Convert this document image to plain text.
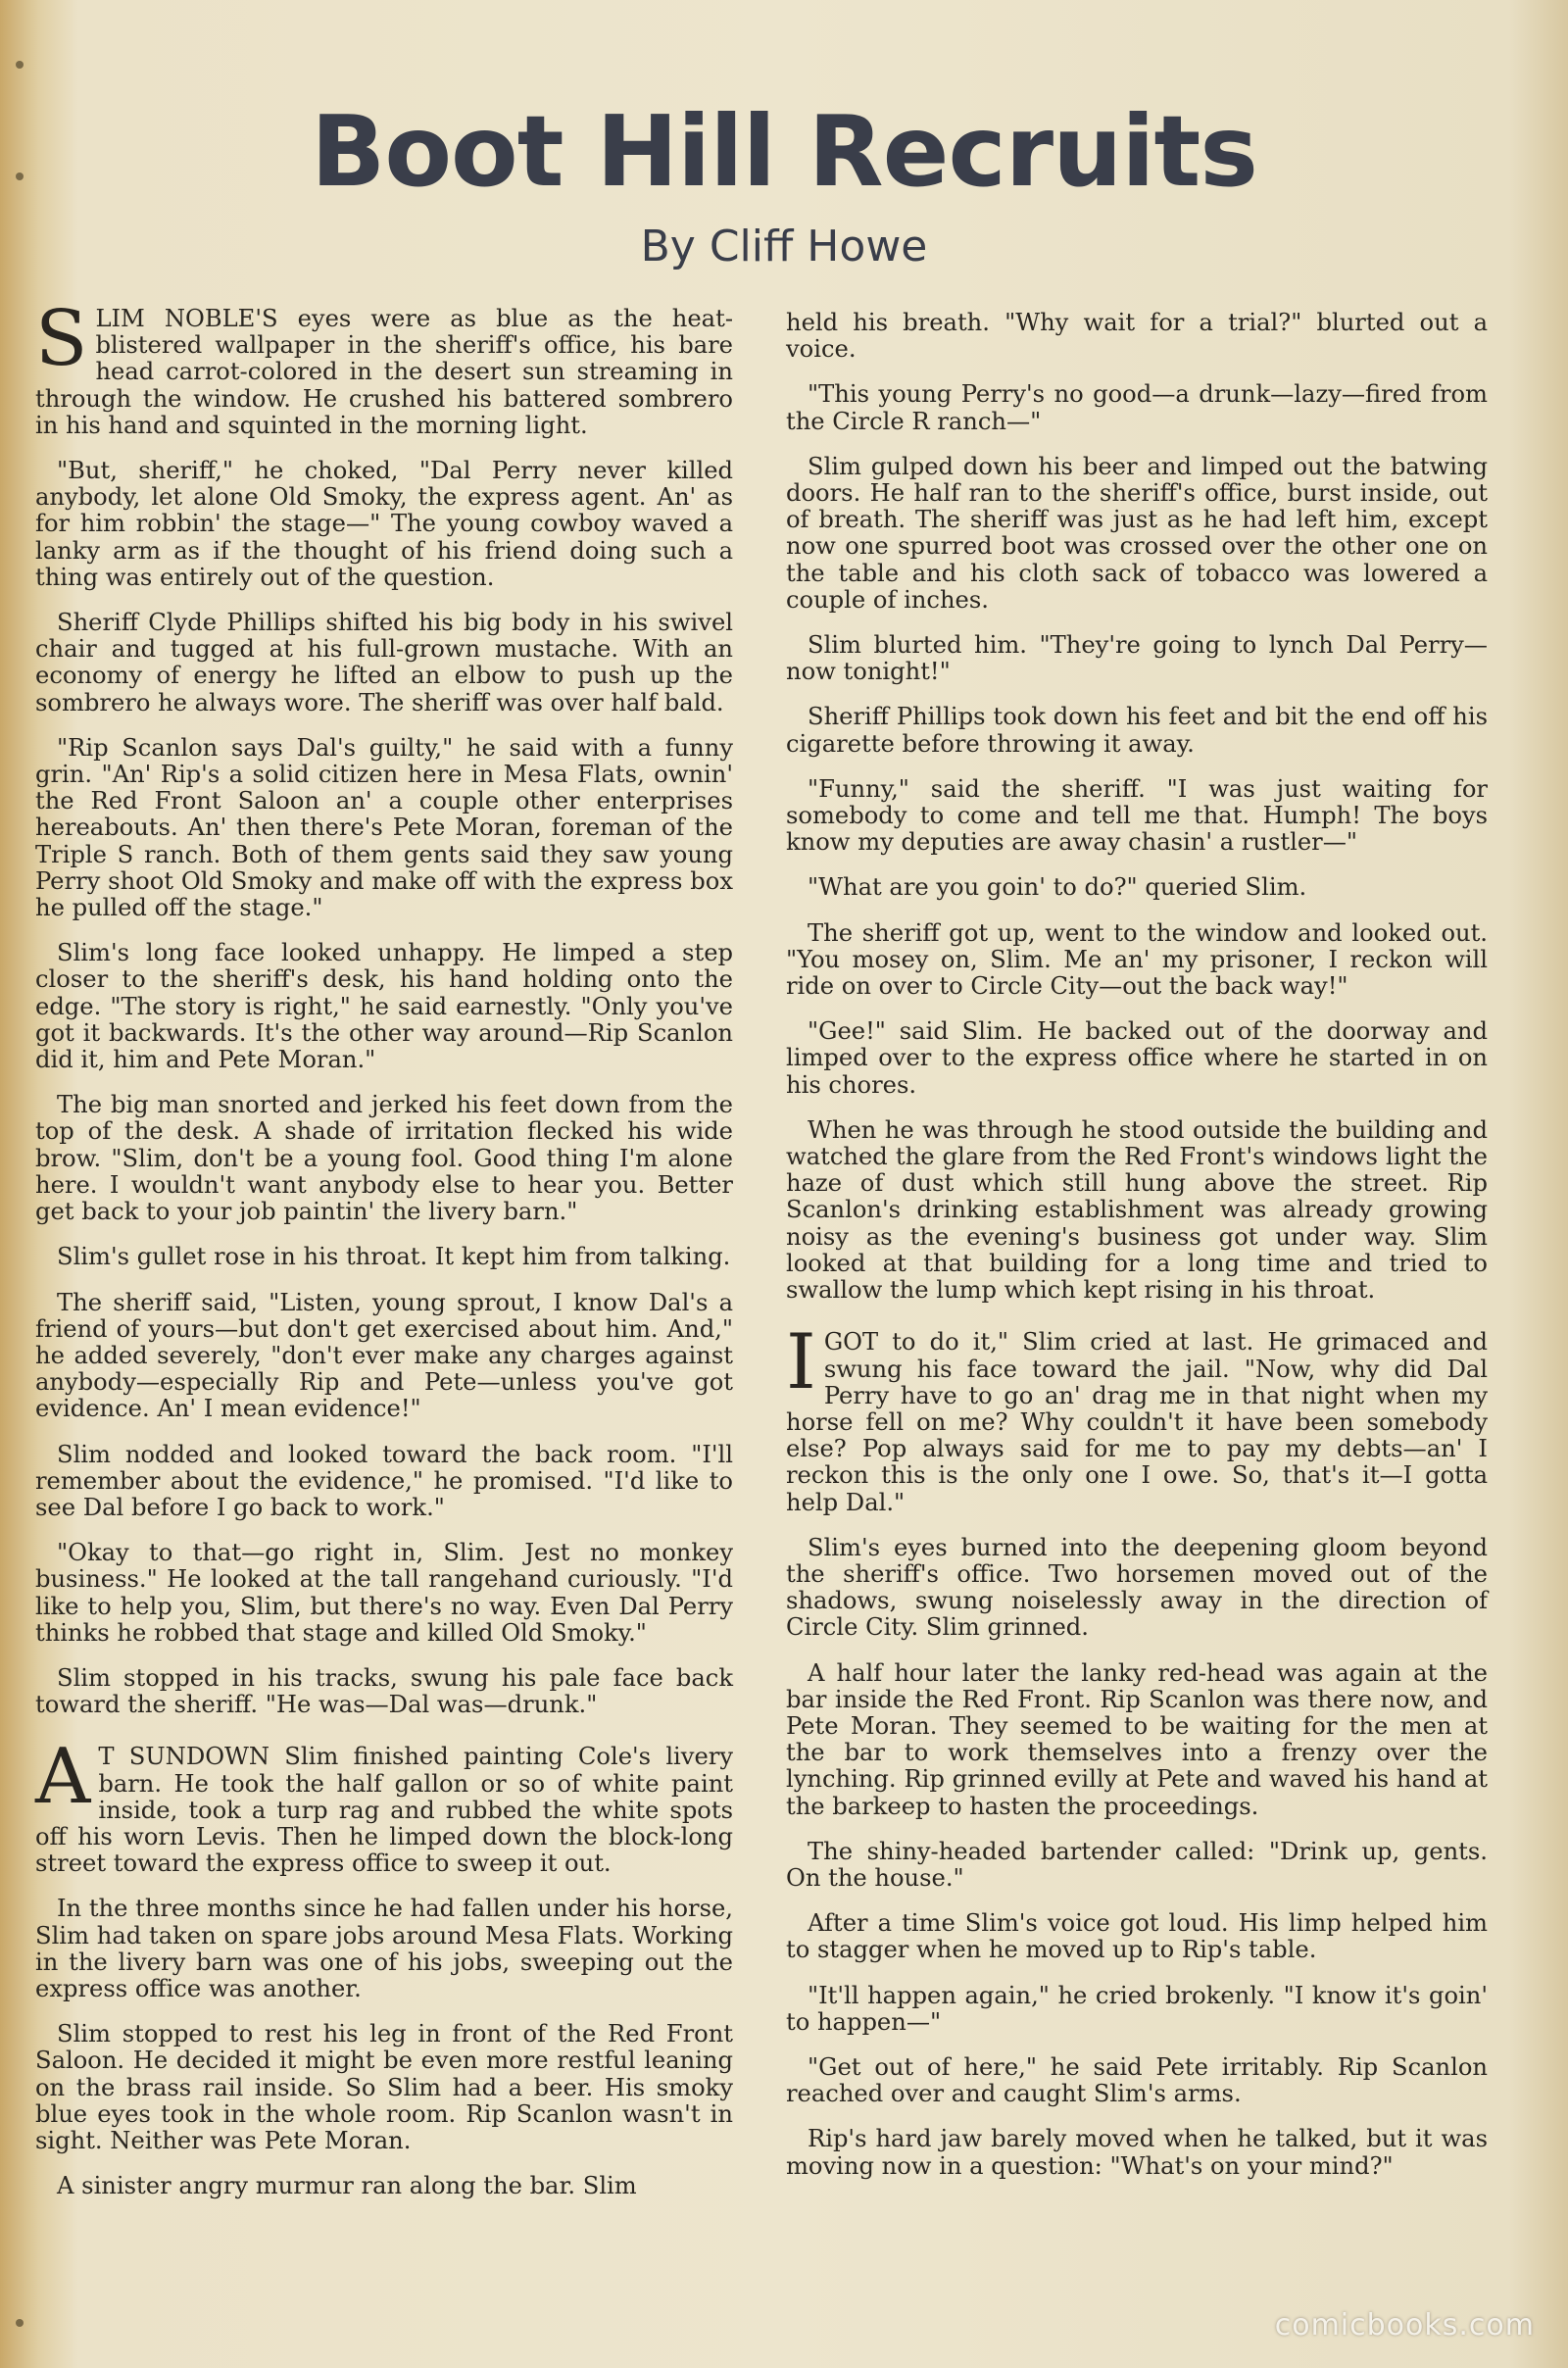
Boot Hill Recruits
By Cliff Howe

SLIM NOBLE'S eyes were as blue as the heat-blistered wallpaper in the sheriff's office, his bare head carrot-colored in the desert sun streaming in through the window. He crushed his battered sombrero in his hand and squinted in the morning light.

"But, sheriff," he choked, "Dal Perry never killed anybody, let alone Old Smoky, the express agent. An' as for him robbin' the stage—" The young cowboy waved a lanky arm as if the thought of his friend doing such a thing was entirely out of the question.

Sheriff Clyde Phillips shifted his big body in his swivel chair and tugged at his full-grown mustache. With an economy of energy he lifted an elbow to push up the sombrero he always wore. The sheriff was over half bald.

"Rip Scanlon says Dal's guilty," he said with a funny grin. "An' Rip's a solid citizen here in Mesa Flats, ownin' the Red Front Saloon an' a couple other enterprises hereabouts. An' then there's Pete Moran, foreman of the Triple S ranch. Both of them gents said they saw young Perry shoot Old Smoky and make off with the express box he pulled off the stage."

Slim's long face looked unhappy. He limped a step closer to the sheriff's desk, his hand holding onto the edge. "The story is right," he said earnestly. "Only you've got it backwards. It's the other way around—Rip Scanlon did it, him and Pete Moran."

The big man snorted and jerked his feet down from the top of the desk. A shade of irritation flecked his wide brow. "Slim, don't be a young fool. Good thing I'm alone here. I wouldn't want anybody else to hear you. Better get back to your job paintin' the livery barn."

Slim's gullet rose in his throat. It kept him from talking.

The sheriff said, "Listen, young sprout, I know Dal's a friend of yours—but don't get exercised about him. And," he added severely, "don't ever make any charges against anybody—especially Rip and Pete—unless you've got evidence. An' I mean evidence!"

Slim nodded and looked toward the back room. "I'll remember about the evidence," he promised. "I'd like to see Dal before I go back to work."

"Okay to that—go right in, Slim. Jest no monkey business." He looked at the tall rangehand curiously. "I'd like to help you, Slim, but there's no way. Even Dal Perry thinks he robbed that stage and killed Old Smoky."

Slim stopped in his tracks, swung his pale face back toward the sheriff. "He was—Dal was—drunk."

AT SUNDOWN Slim finished painting Cole's livery barn. He took the half gallon or so of white paint inside, took a turp rag and rubbed the white spots off his worn Levis. Then he limped down the block-long street toward the express office to sweep it out.

In the three months since he had fallen under his horse, Slim had taken on spare jobs around Mesa Flats. Working in the livery barn was one of his jobs, sweeping out the express office was another.

Slim stopped to rest his leg in front of the Red Front Saloon. He decided it might be even more restful leaning on the brass rail inside. So Slim had a beer. His smoky blue eyes took in the whole room. Rip Scanlon wasn't in sight. Neither was Pete Moran.

A sinister angry murmur ran along the bar. Slim

held his breath. "Why wait for a trial?" blurted out a voice.

"This young Perry's no good—a drunk—lazy—fired from the Circle R ranch—"

Slim gulped down his beer and limped out the batwing doors. He half ran to the sheriff's office, burst inside, out of breath. The sheriff was just as he had left him, except now one spurred boot was crossed over the other one on the table and his cloth sack of tobacco was lowered a couple of inches.

Slim blurted him. "They're going to lynch Dal Perry—now tonight!"

Sheriff Phillips took down his feet and bit the end off his cigarette before throwing it away.

"Funny," said the sheriff. "I was just waiting for somebody to come and tell me that. Humph! The boys know my deputies are away chasin' a rustler—"

"What are you goin' to do?" queried Slim.

The sheriff got up, went to the window and looked out. "You mosey on, Slim. Me an' my prisoner, I reckon will ride on over to Circle City—out the back way!"

"Gee!" said Slim. He backed out of the doorway and limped over to the express office where he started in on his chores.

When he was through he stood outside the building and watched the glare from the Red Front's windows light the haze of dust which still hung above the street. Rip Scanlon's drinking establishment was already growing noisy as the evening's business got under way. Slim looked at that building for a long time and tried to swallow the lump which kept rising in his throat.

IGOT to do it," Slim cried at last. He grimaced and swung his face toward the jail. "Now, why did Dal Perry have to go an' drag me in that night when my horse fell on me? Why couldn't it have been somebody else? Pop always said for me to pay my debts—an' I reckon this is the only one I owe. So, that's it—I gotta help Dal."

Slim's eyes burned into the deepening gloom beyond the sheriff's office. Two horsemen moved out of the shadows, swung noiselessly away in the direction of Circle City. Slim grinned.

A half hour later the lanky red-head was again at the bar inside the Red Front. Rip Scanlon was there now, and Pete Moran. They seemed to be waiting for the men at the bar to work themselves into a frenzy over the lynching. Rip grinned evilly at Pete and waved his hand at the barkeep to hasten the proceedings.

The shiny-headed bartender called: "Drink up, gents. On the house."

After a time Slim's voice got loud. His limp helped him to stagger when he moved up to Rip's table.

"It'll happen again," he cried brokenly. "I know it's goin' to happen—"

"Get out of here," he said Pete irritably. Rip Scanlon reached over and caught Slim's arms.

Rip's hard jaw barely moved when he talked, but it was moving now in a question: "What's on your mind?"

comicbooks.com
